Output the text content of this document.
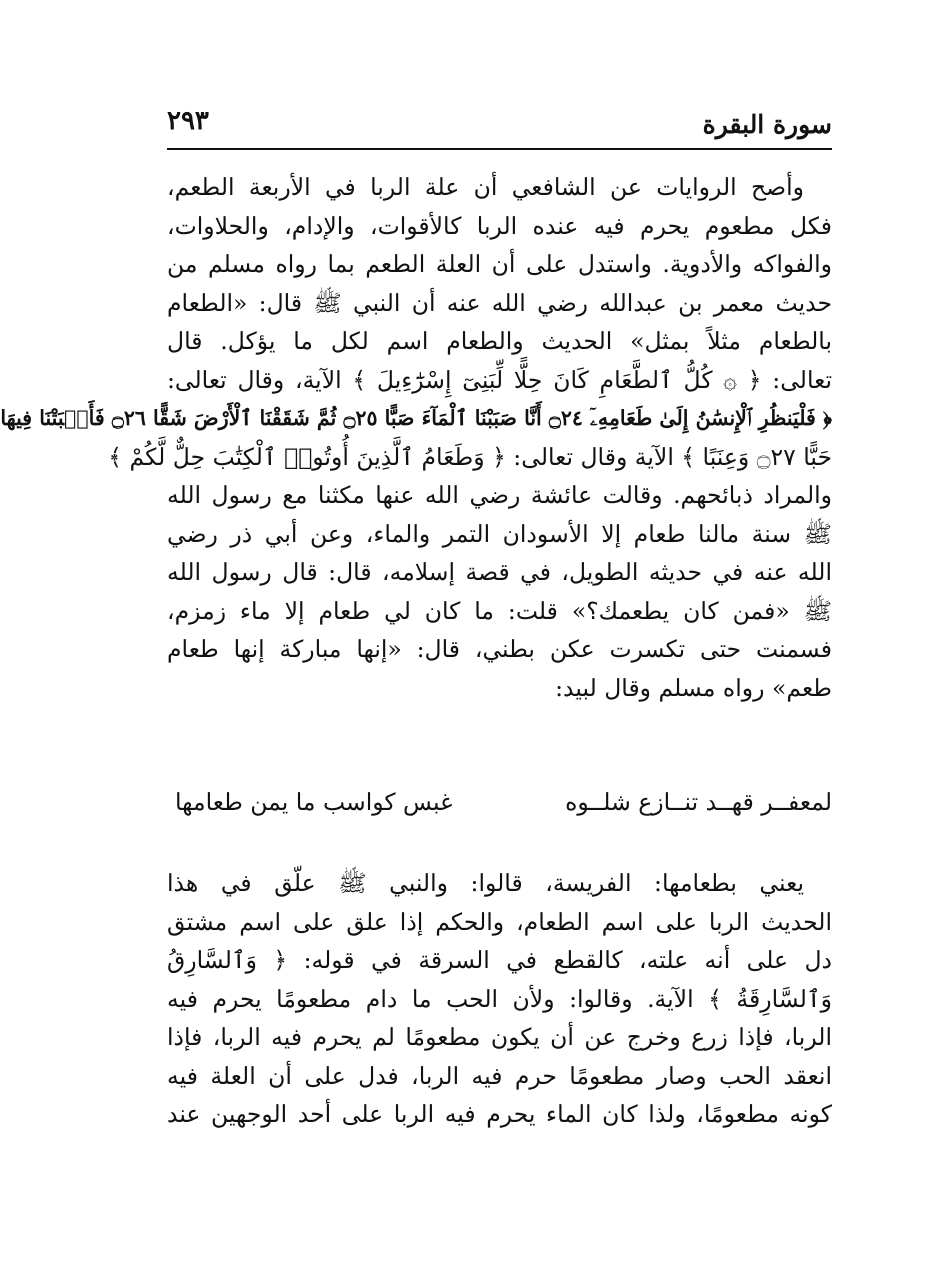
سورة البقرة
٢٩٣
وأصح الروايات عن الشافعي أن علة الربا في الأربعة الطعم،
فكل مطعوم يحرم فيه عنده الربا كالأقوات، والإدام، والحلاوات،
والفواكه والأدوية. واستدل على أن العلة الطعم بما رواه مسلم من
حديث معمر بن عبدالله رضي الله عنه أن النبي ﷺ قال: «الطعام
بالطعام مثلاً بمثل» الحديث والطعام اسم لكل ما يؤكل. قال
تعالى: ﴿ ۞ كُلُّ ٱلطَّعَامِ كَانَ حِلًّا لِّبَنِىٓ إِسْرَٰٓءِيلَ ﴾ الآية، وقال تعالى:
﴿ فَلْيَنظُرِ ٱلْإِنسَٰنُ إِلَىٰ طَعَامِهِۦٓ ۝٢٤ أَنَّا صَبَبْنَا ٱلْمَآءَ صَبًّا ۝٢٥ ثُمَّ شَقَقْنَا ٱلْأَرْضَ شَقًّا ۝٢٦ فَأَنۢبَتْنَا فِيهَا
حَبًّا ۝٢٧ وَعِنَبًا ﴾ الآية وقال تعالى: ﴿ وَطَعَامُ ٱلَّذِينَ أُوتُوا۟ ٱلْكِتَٰبَ حِلٌّ لَّكُمْ ﴾
والمراد ذبائحهم. وقالت عائشة رضي الله عنها مكثنا مع رسول الله
ﷺ سنة مالنا طعام إلا الأسودان التمر والماء، وعن أبي ذر رضي
الله عنه في حديثه الطويل، في قصة إسلامه، قال: قال رسول الله
ﷺ «فمن كان يطعمك؟» قلت: ما كان لي طعام إلا ماء زمزم،
فسمنت حتى تكسرت عكن بطني، قال: «إنها مباركة إنها طعام
طعم» رواه مسلم وقال لبيد:
لمعفــر قهــد تنــازع شلــوه
غبس كواسب ما يمن طعامها
يعني بطعامها: الفريسة، قالوا: والنبي ﷺ علّق في هذا
الحديث الربا على اسم الطعام، والحكم إذا علق على اسم مشتق
دل على أنه علته، كالقطع في السرقة في قوله: ﴿ وَٱلسَّارِقُ
وَٱلسَّارِقَةُ ﴾ الآية. وقالوا: ولأن الحب ما دام مطعومًا يحرم فيه
الربا، فإذا زرع وخرج عن أن يكون مطعومًا لم يحرم فيه الربا، فإذا
انعقد الحب وصار مطعومًا حرم فيه الربا، فدل على أن العلة فيه
كونه مطعومًا، ولذا كان الماء يحرم فيه الربا على أحد الوجهين عند
